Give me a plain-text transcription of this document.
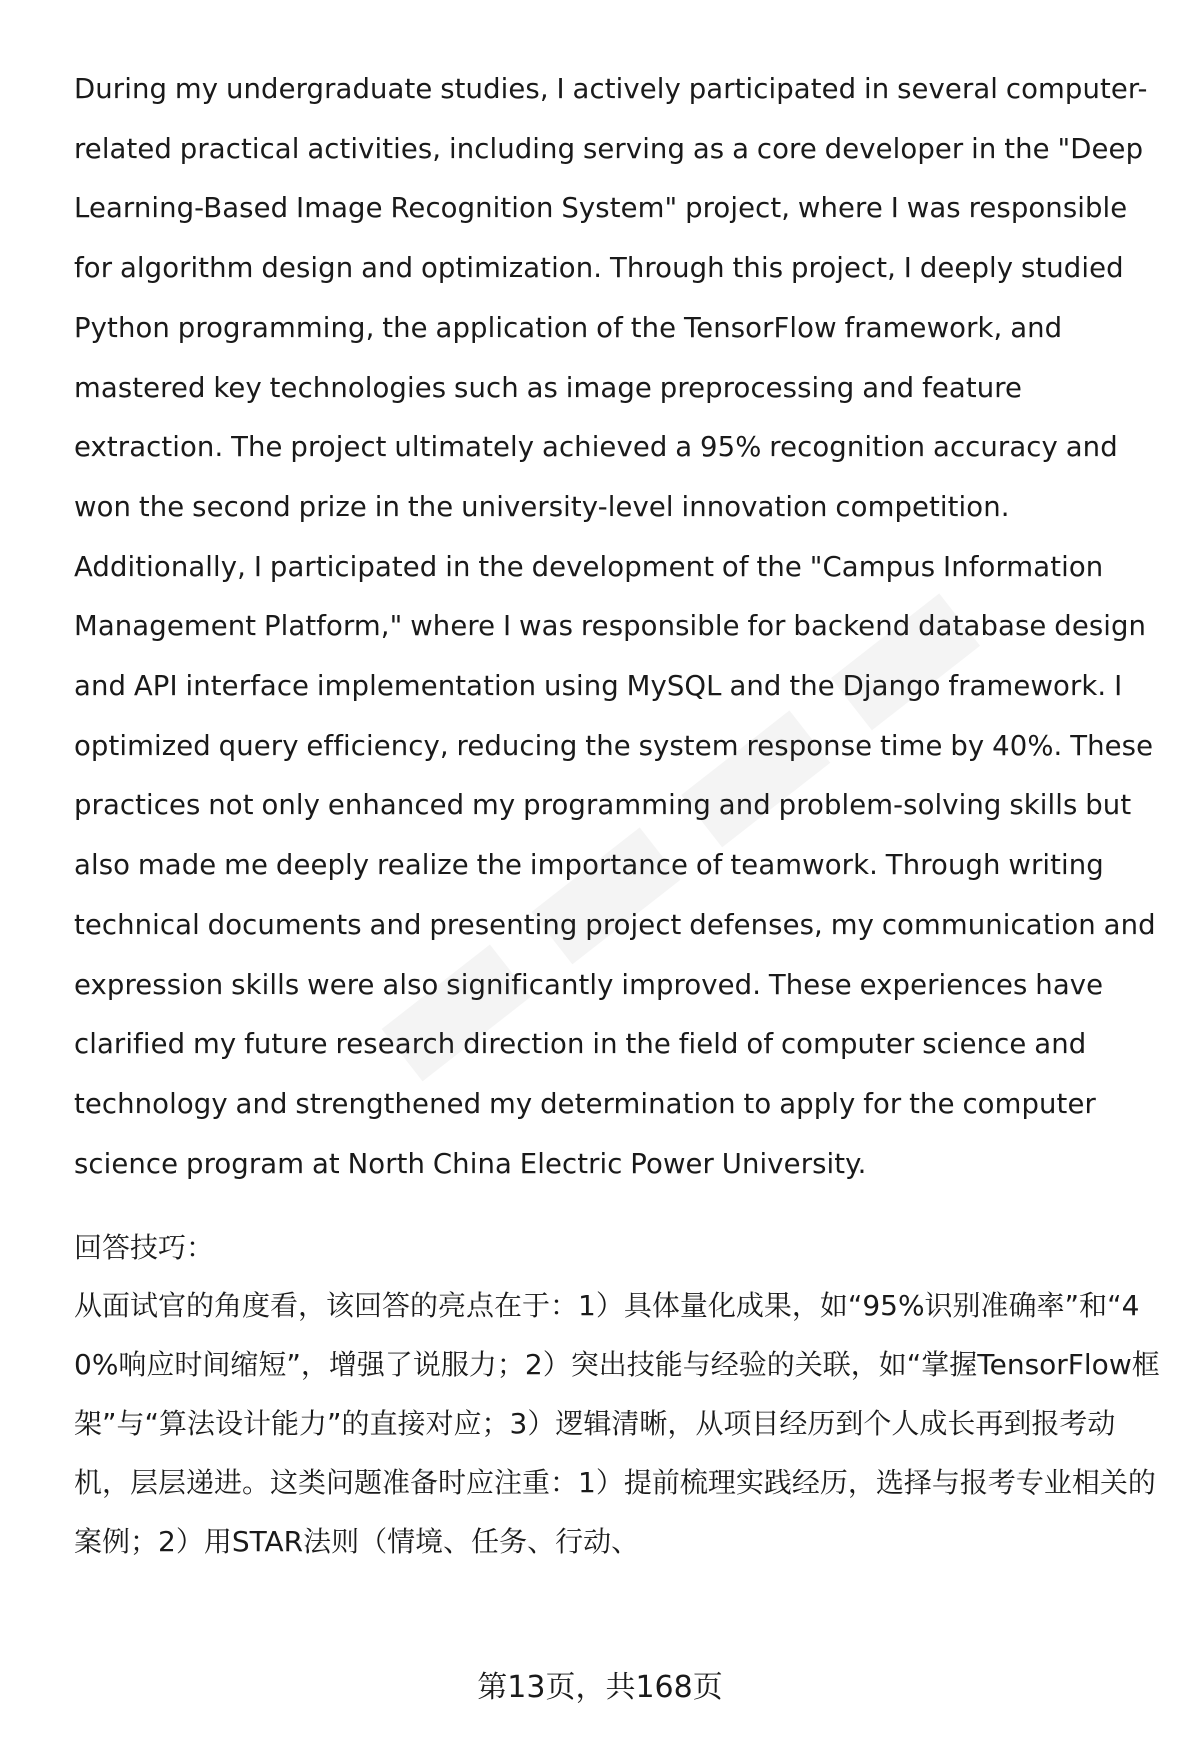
During my undergraduate studies, I actively participated in several computer-related practical activities, including serving as a core developer in the "Deep Learning-Based Image Recognition System" project, where I was responsible for algorithm design and optimization. Through this project, I deeply studied Python programming, the application of the TensorFlow framework, and mastered key technologies such as image preprocessing and feature extraction. The project ultimately achieved a 95% recognition accuracy and won the second prize in the university-level innovation competition. Additionally, I participated in the development of the "Campus Information Management Platform," where I was responsible for backend database design and API interface implementation using MySQL and the Django framework. I optimized query efficiency, reducing the system response time by 40%. These practices not only enhanced my programming and problem-solving skills but also made me deeply realize the importance of teamwork. Through writing technical documents and presenting project defenses, my communication and expression skills were also significantly improved. These experiences have clarified my future research direction in the field of computer science and technology and strengthened my determination to apply for the computer science program at North China Electric Power University.

回答技巧：

从面试官的角度看，该回答的亮点在于：1）具体量化成果，如“95%识别准确率”和“40%响应时间缩短”，增强了说服力；2）突出技能与经验的关联，如“掌握TensorFlow框架”与“算法设计能力”的直接对应；3）逻辑清晰，从项目经历到个人成长再到报考动机，层层递进。这类问题准备时应注重：1）提前梳理实践经历，选择与报考专业相关的案例；2）用STAR法则（情境、任务、行动、

第13页，共168页
